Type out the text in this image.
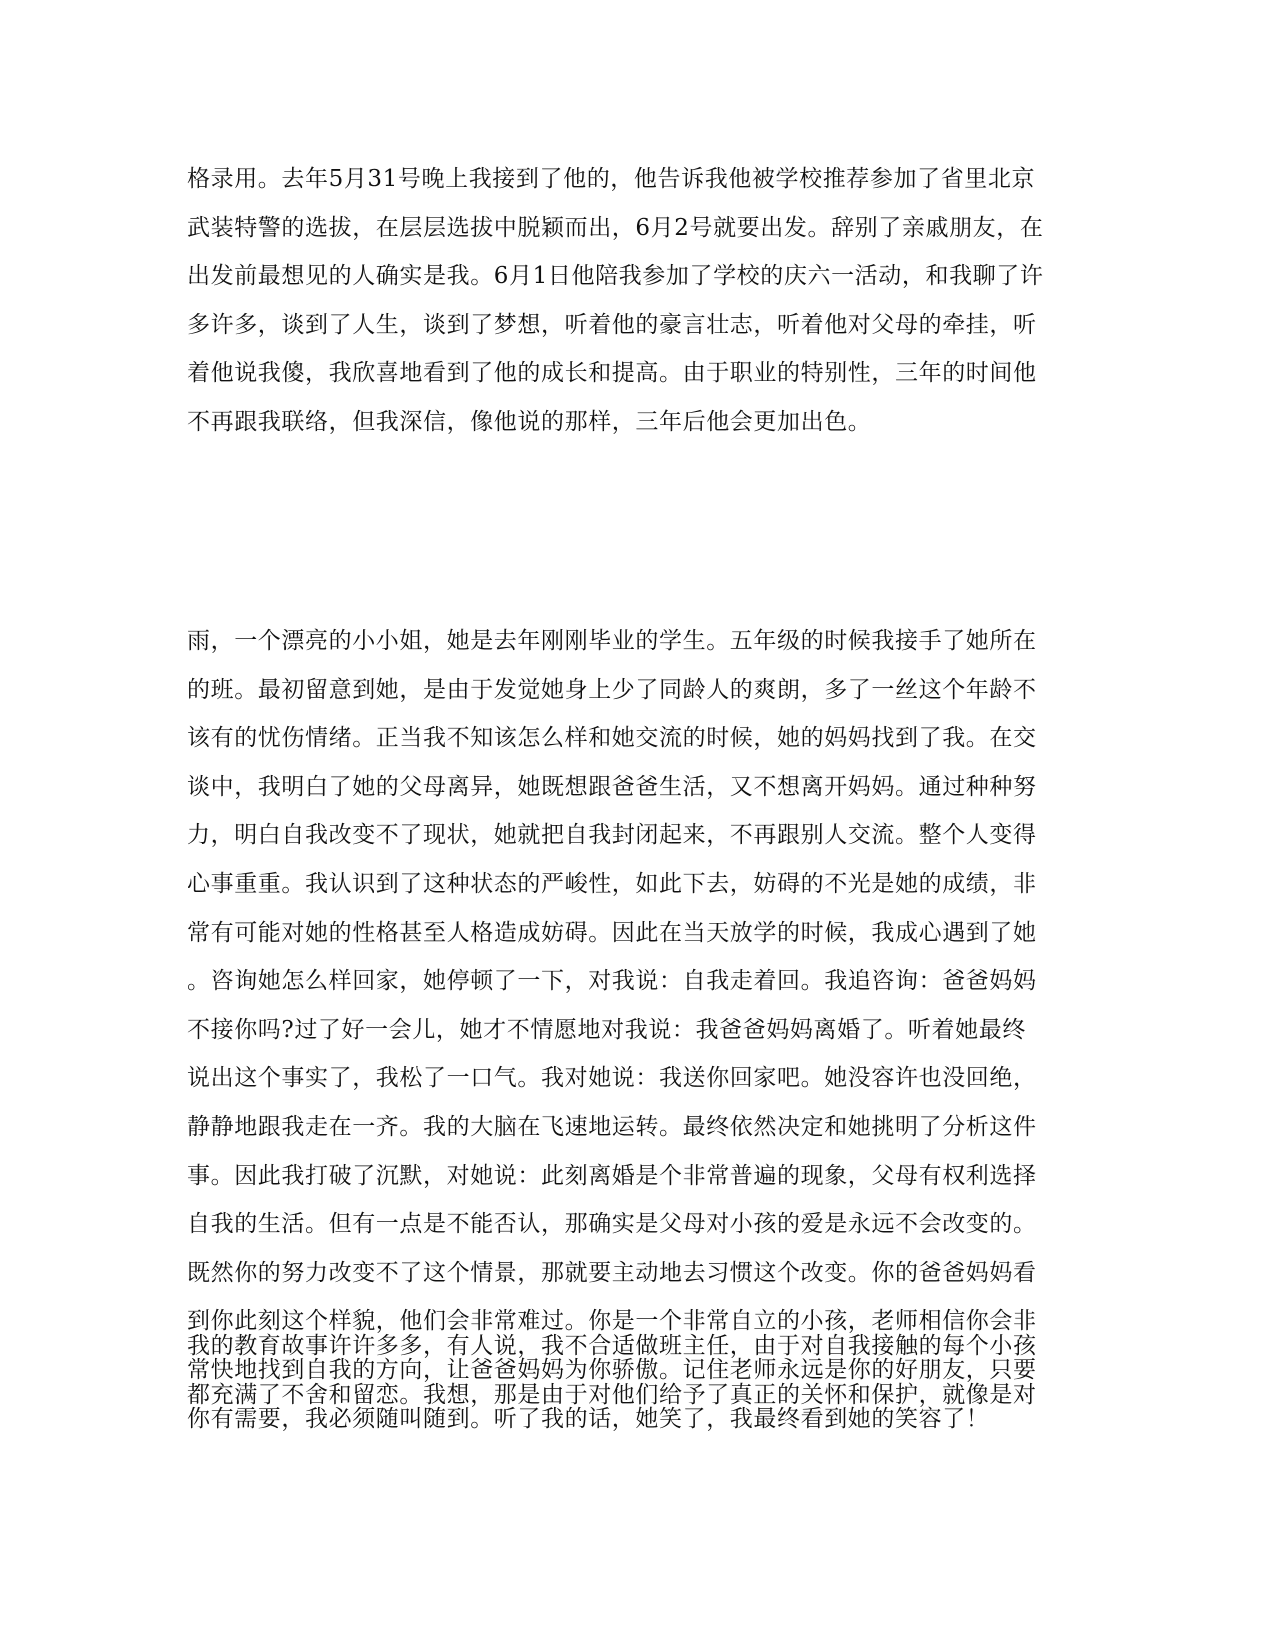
格录用。去年5月31号晚上我接到了他的，他告诉我他被学校推荐参加了省里北京
武装特警的选拔，在层层选拔中脱颖而出，6月2号就要出发。辞别了亲戚朋友，在
出发前最想见的人确实是我。6月1日他陪我参加了学校的庆六一活动，和我聊了许
多许多，谈到了人生，谈到了梦想，听着他的豪言壮志，听着他对父母的牵挂，听
着他说我傻，我欣喜地看到了他的成长和提高。由于职业的特别性，三年的时间他
不再跟我联络，但我深信，像他说的那样，三年后他会更加出色。
雨，一个漂亮的小小姐，她是去年刚刚毕业的学生。五年级的时候我接手了她所在
的班。最初留意到她，是由于发觉她身上少了同龄人的爽朗，多了一丝这个年龄不
该有的忧伤情绪。正当我不知该怎么样和她交流的时候，她的妈妈找到了我。在交
谈中，我明白了她的父母离异，她既想跟爸爸生活，又不想离开妈妈。通过种种努
力，明白自我改变不了现状，她就把自我封闭起来，不再跟别人交流。整个人变得
心事重重。我认识到了这种状态的严峻性，如此下去，妨碍的不光是她的成绩，非
常有可能对她的性格甚至人格造成妨碍。因此在当天放学的时候，我成心遇到了她
。咨询她怎么样回家，她停顿了一下，对我说：自我走着回。我追咨询：爸爸妈妈
不接你吗?过了好一会儿，她才不情愿地对我说：我爸爸妈妈离婚了。听着她最终
说出这个事实了，我松了一口气。我对她说：我送你回家吧。她没容许也没回绝，
静静地跟我走在一齐。我的大脑在飞速地运转。最终依然决定和她挑明了分析这件
事。因此我打破了沉默，对她说：此刻离婚是个非常普遍的现象，父母有权利选择
自我的生活。但有一点是不能否认，那确实是父母对小孩的爱是永远不会改变的。
既然你的努力改变不了这个情景，那就要主动地去习惯这个改变。你的爸爸妈妈看
到你此刻这个样貌，他们会非常难过。你是一个非常自立的小孩，老师相信你会非
常快地找到自我的方向，让爸爸妈妈为你骄傲。记住老师永远是你的好朋友，只要
你有需要，我必须随叫随到。听了我的话，她笑了，我最终看到她的笑容了！
我的教育故事许许多多，有人说，我不合适做班主任，由于对自我接触的每个小孩
都充满了不舍和留恋。我想，那是由于对他们给予了真正的关怀和保护，就像是对
